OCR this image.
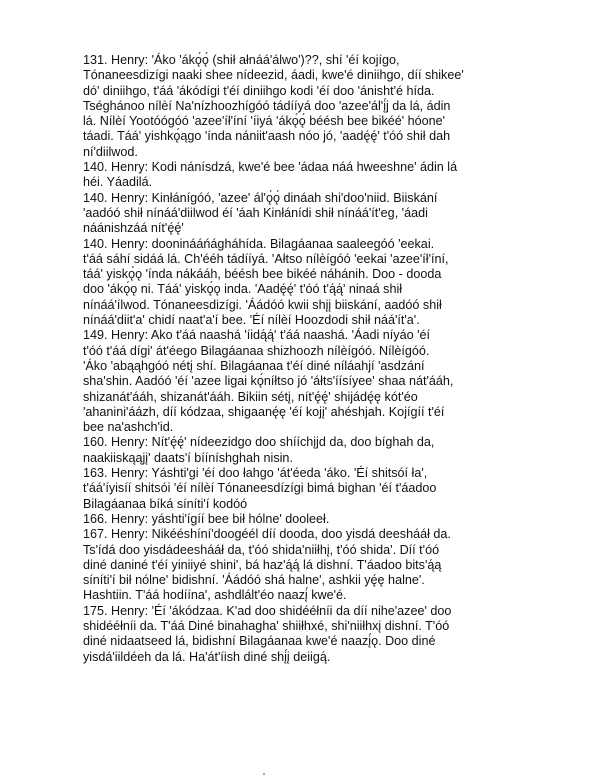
131. Henry: 'Áko 'ákǫ́ǫ́ (shił ałnáá'álwo')??, shí 'éí kojígo,
Tónaneesdizígi naaki shee nídeezid, áadi, kwe'é diniihgo, díí shikee'
dó' diniihgo, t'áá 'ákódígi t'éí diniihgo kodi 'éí doo 'ánisht'é hída.
Tséghánoo nílèí Na'nízhoozhígóó tádííyá doo 'azee'ál'į́j da lá, ádin
lá. Nílèí Yootóógóó 'azee'íł'íní 'íiyá 'ákǫ́ǫ́ béésh bee bikéé' hóone'
táadi. Táá' yishkǫ́ągo 'índa nániit'aash nóo jó, 'aadę́ę́' t'óó shił dah
ní'diilwod.
140. Henry: Kodi nánísdzá, kwe'é bee 'ádaa náá hweeshne' ádin lá
héi. Yáadilá.
140. Henry: Kinłánígóó, 'azee' ál'ǫ́ǫ́ dináah shi'doo'niid. Biiskání
'aadóó shił nínáá'diilwod éí 'áah Kinłánídi shił nínáá'ít'eg, 'áadi
náánishzáá nít'ę́ę́'
140. Henry: dooninááńágháhída. Bilagáanaa saaleegóó 'eekai.
t'áá sáhí sidáá lá. Ch'ééh tádííyá. 'Ałtso nílèígóó 'eekai 'azee'íł'íní,
táá' yiskǫ́ǫ 'índa nákááh, béésh bee bikéé náhánih. Doo - dooda
doo 'ákǫ́ǫ ni. Táá' yiskǫ́ǫ inda. 'Aadę́ę́' t'óó t'ą́ą́' ninaá shił
nínáá'ílwod. Tónaneesdizígi. 'Áádóó kwii shįį biiskání, aadóó shił
nínáá'diit'a' chidí naat'a'í bee. 'Éí nílèí Hoozdodi shił náá'ít'a'.
149. Henry: Ako t'áá naashá 'íidą́ą́' t'áá naashá. 'Áadi níyáo 'éí
t'óó t'áá dígi' át'éego Bilagáanaa shizhoozh nílèígóó. Nílèígóó.
'Áko 'abąąhgóó nétį shí. Bilagáanaa t'éí diné níláahjí 'asdzání
sha'shin. Aadóó 'éí 'azee ligai kǫ́níłtso jó 'áłts'íísíyee' shaa nát'ááh,
shizanát'ááh, shizanát'ááh. Bikiin sétį, nít'ę́ę́' shijádę́ę kót'éo
'ahanini'áázh, díí kódzaa, shigaanę́ę 'éí kojį' ahéshjah. Kojígíí t'éí
bee na'ashch'id.
160. Henry: Nít'ę́ę́' nídeezidgo doo shííchįjd da, doo bíghah da,
naakiiskąąjį' daats'í bííníshghah nisin.
163. Henry: Yáshti'gi 'éí doo łahgo 'át'éeda 'áko. 'Éí shitsóí ła',
t'áá'íyisíí shitsói 'éí nílèí Tónaneesdízígi bimá bighan 'éí t'áadoo
Bilagáanaa bíká síníti'í kodóó
166. Henry: yáshti'ígíí bee bił hólne' dooleeł.
167. Henry: Nikééshíní'doogéél díí dooda, doo yisdá deeshááł da.
Ts'ídá doo yisdádeeshááł da, t'óó shida'niiłhį, t'óó shida'. Díí t'óó
diné daniné t'éí yiniiyé shini', bá haz'ą́ą́ lá dishní. T'áadoo bits'ą́ą
síníti'í bił nólne' bidishní. 'Áádóó shá halne', ashkii yę́ę halne'.
Hashtiin. T'áá hodíína', ashdlált'éo naazį́ kwe'é.
175. Henry: 'Éí 'ákódzaa. K'ad doo shidééłníi da díí nihe'azee' doo
shidééłníi da. T'áá Diné binahagha' shiiłhxé, shi'niiłhxį dishní. T'óó
diné nidaatseed lá, bidishní Bilagáanaa kwe'é naazį́ǫ. Doo diné
yisdá'iildéeh da lá. Ha'át'íish diné shį́į deiigą́.
